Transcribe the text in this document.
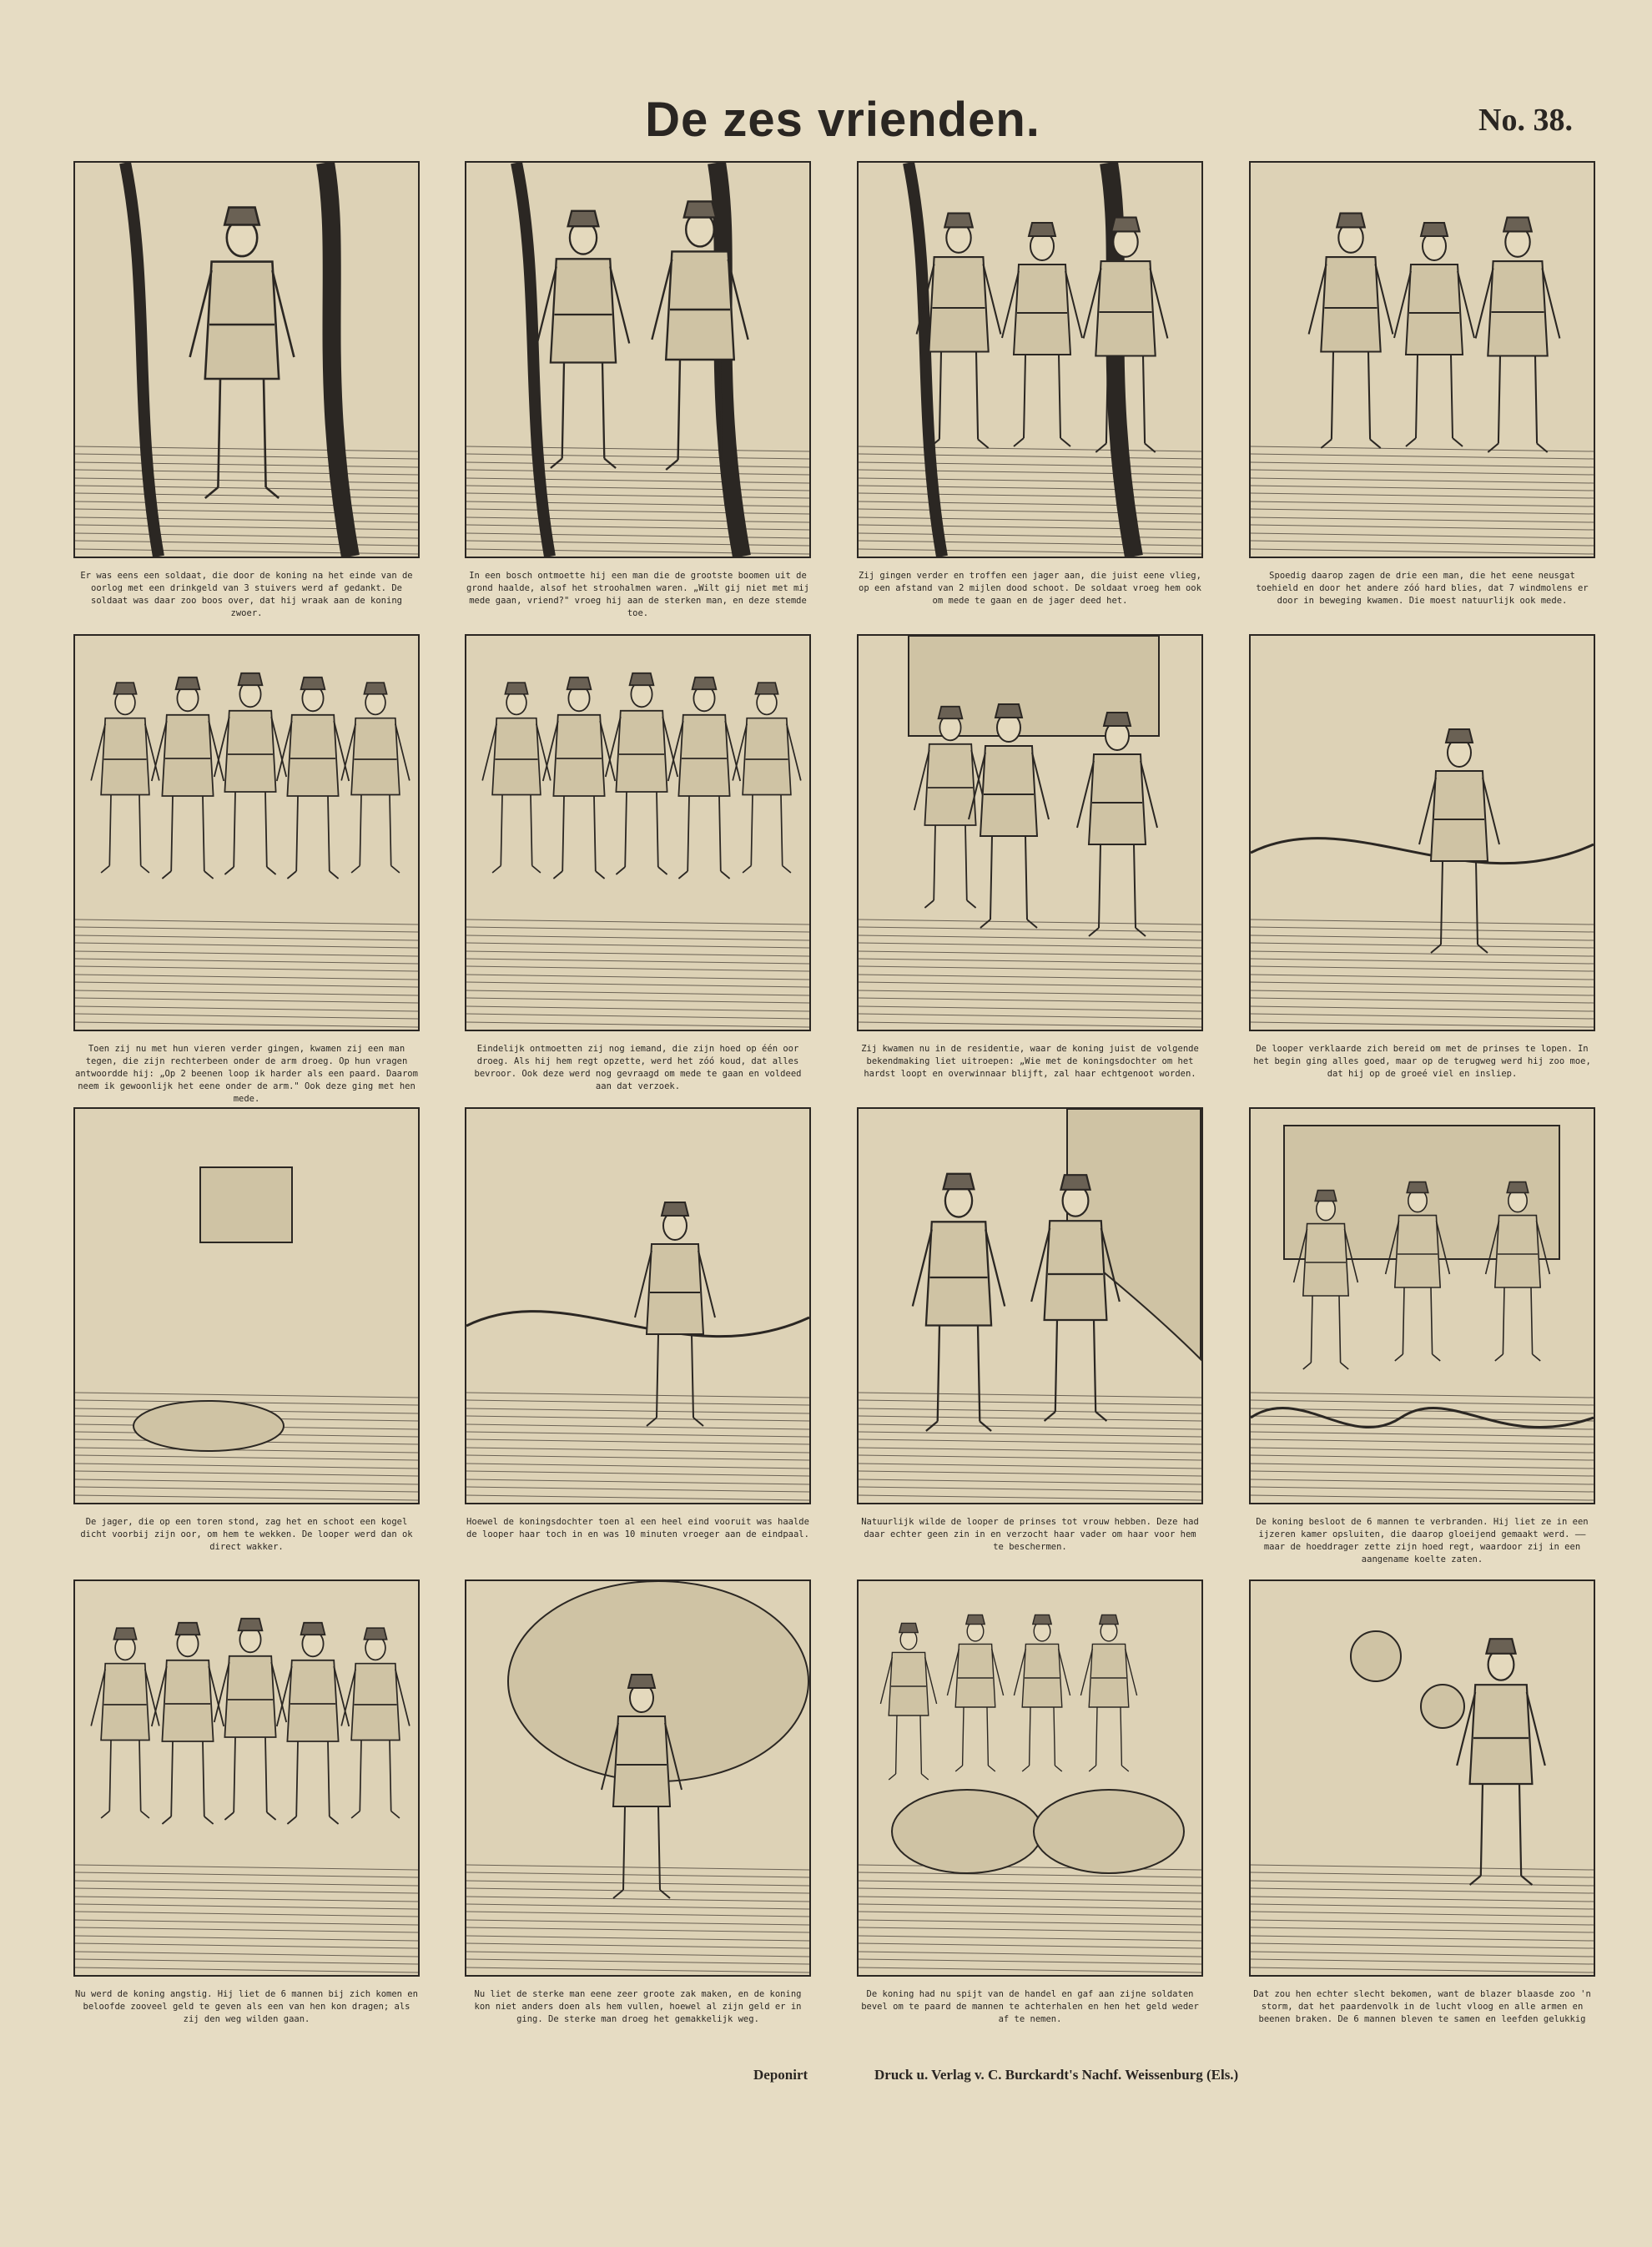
De zes vrienden.	No. 38.
Er was eens een soldaat, die door de koning na het einde van de oorlog met een drinkgeld van 3 stuivers werd af gedankt. De soldaat was daar zoo boos over, dat hij wraak aan de koning zwoer.
In een bosch ontmoette hij een man die de grootste boomen uit de grond haalde, alsof het stroohalmen waren. „Wilt gij niet met mij mede gaan, vriend?" vroeg hij aan de sterken man, en deze stemde toe.
Zij gingen verder en troffen een jager aan, die juist eene vlieg, op een afstand van 2 mijlen dood schoot. De soldaat vroeg hem ook om mede te gaan en de jager deed het.
Spoedig daarop zagen de drie een man, die het eene neusgat toehield en door het andere zóó hard blies, dat 7 windmolens er door in beweging kwamen. Die moest natuurlijk ook mede.
Toen zij nu met hun vieren verder gingen, kwamen zij een man tegen, die zijn rechterbeen onder de arm droeg. Op hun vragen antwoordde hij: „Op 2 beenen loop ik harder als een paard. Daarom neem ik gewoonlijk het eene onder de arm." Ook deze ging met hen mede.
Eindelijk ontmoetten zij nog iemand, die zijn hoed op één oor droeg. Als hij hem regt opzette, werd het zóó koud, dat alles bevroor. Ook deze werd nog gevraagd om mede te gaan en voldeed aan dat verzoek.
Zij kwamen nu in de residentie, waar de koning juist de volgende bekendmaking liet uitroepen: „Wie met de koningsdochter om het hardst loopt en overwinnaar blijft, zal haar echtgenoot worden.
De looper verklaarde zich bereid om met de prinses te lopen. In het begin ging alles goed, maar op de terugweg werd hij zoo moe, dat hij op de groeé viel en insliep.
De jager, die op een toren stond, zag het en schoot een kogel dicht voorbij zijn oor, om hem te wekken. De looper werd dan ok direct wakker.
Hoewel de koningsdochter toen al een heel eind vooruit was haalde de looper haar toch in en was 10 minuten vroeger aan de eindpaal.
Natuurlijk wilde de looper de prinses tot vrouw hebben. Deze had daar echter geen zin in en verzocht haar vader om haar voor hem te beschermen.
De koning besloot de 6 mannen te verbranden. Hij liet ze in een ijzeren kamer opsluiten, die daarop gloeijend gemaakt werd. —— maar de hoeddrager zette zijn hoed regt, waardoor zij in een aangename koelte zaten.
Nu werd de koning angstig. Hij liet de 6 mannen bij zich komen en beloofde zooveel geld te geven als een van hen kon dragen; als zij den weg wilden gaan.
Nu liet de sterke man eene zeer groote zak maken, en de koning kon niet anders doen als hem vullen, hoewel al zijn geld er in ging. De sterke man droeg het gemakkelijk weg.
De koning had nu spijt van de handel en gaf aan zijne soldaten bevel om te paard de mannen te achterhalen en hen het geld weder af te nemen.
Dat zou hen echter slecht bekomen, want de blazer blaasde zoo 'n storm, dat het paardenvolk in de lucht vloog en alle armen en beenen braken. De 6 mannen bleven te samen en leefden gelukkig
Deponirt	Druck u. Verlag v. C. Burckardt's Nachf. Weissenburg (Els.)
